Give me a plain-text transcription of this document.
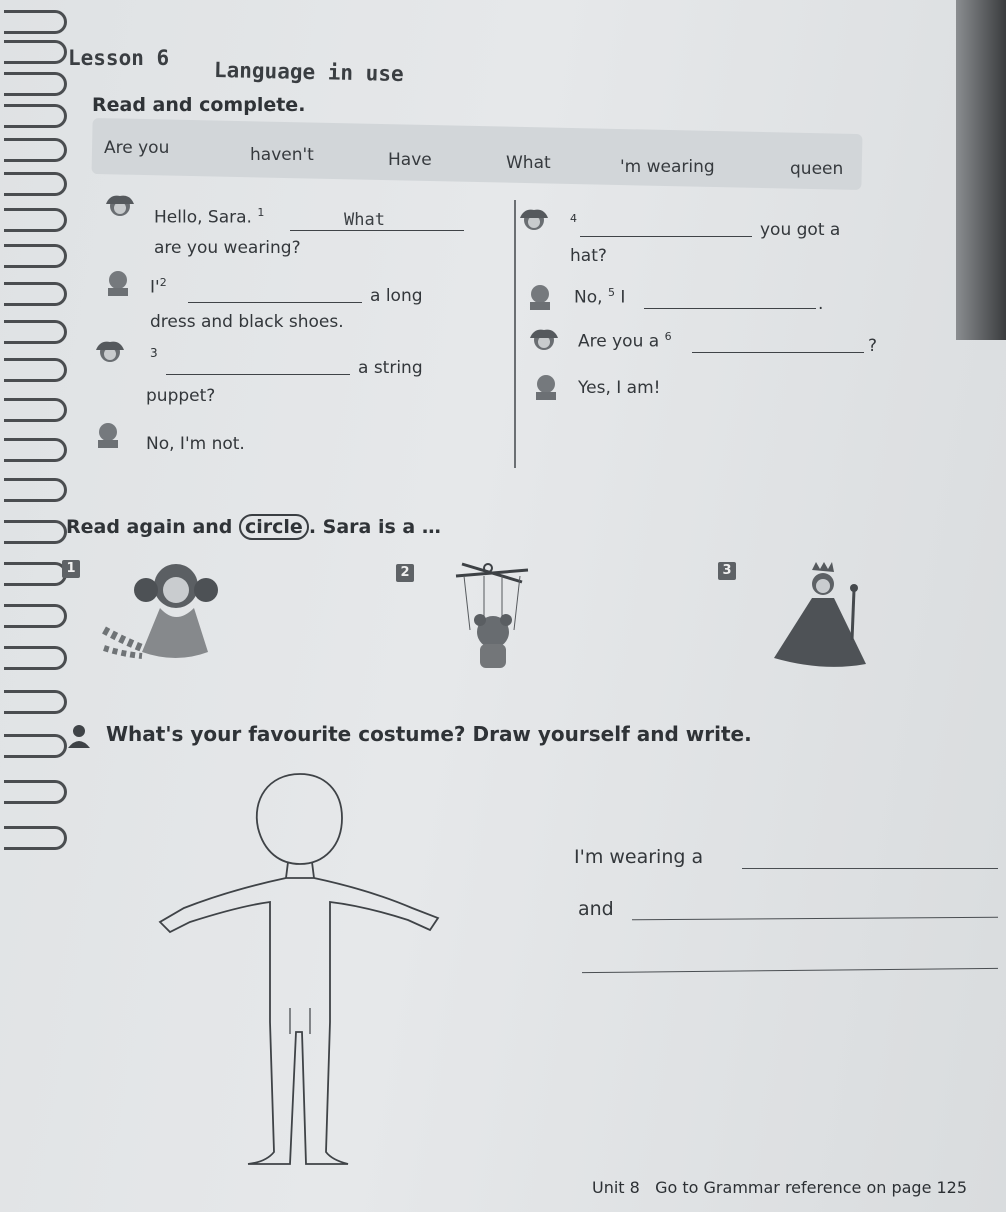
Lesson 6
Language in use
Read and complete.
Are you	haven't	Have	What	'm wearing	queen
Hello, Sara. $^1$	What
are you wearing?
$I'^2$
a long
dress and black shoes.
3
a string
puppet?
No, I'm not.
4
you got a
hat?
No, $^5$ I	.
Are you a $^6$	?
Yes, I am!
Read again and circle . Sara is a …
1	2	3
What's your favourite costume? Draw yourself and write.
I'm wearing a
and
Unit 8 Go to Grammar reference on page 125
